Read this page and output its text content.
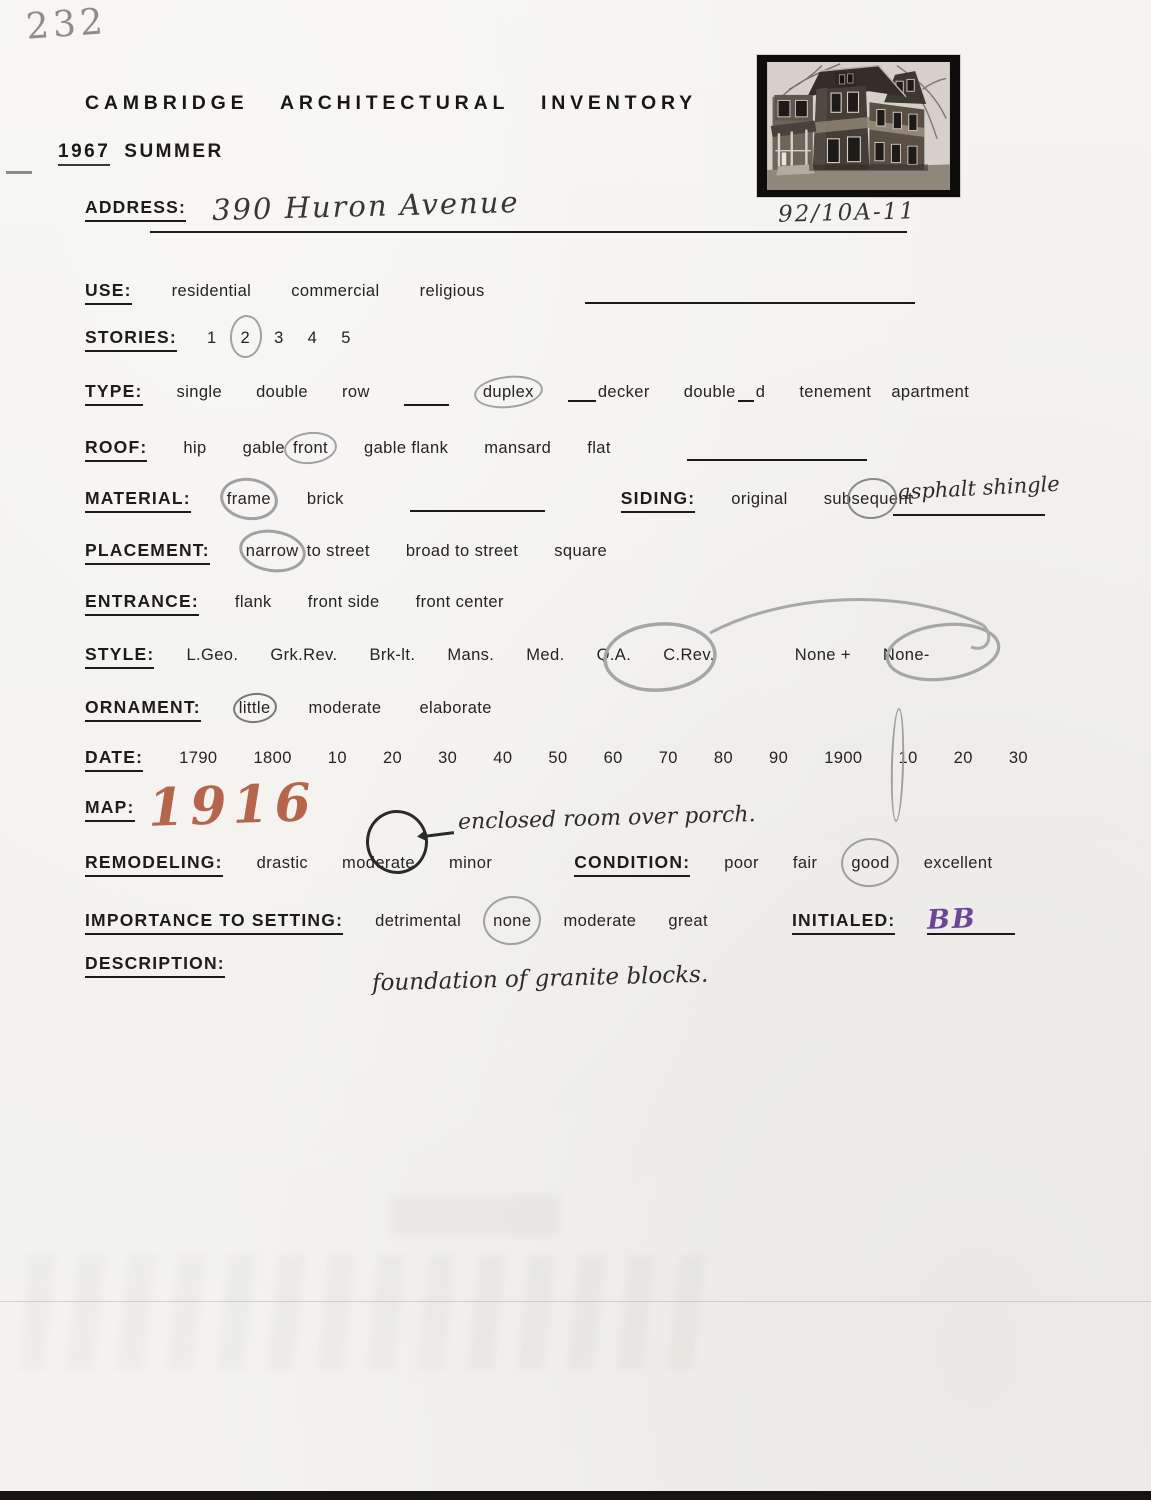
232
CAMBRIDGE ARCHITECTURAL INVENTORY
1967 SUMMER
92/10A-11
ADDRESS: 390 Huron Avenue
USE: residential commercial religious
STORIES: 1 2 3 4 5
TYPE: single double row	duplex	decker double d tenement apartment
ROOF: hip gable front gable flank mansard flat
MATERIAL: frame brick	SIDING: original subsequent
asphalt shingle
PLACEMENT: narrow to street broad to street square
ENTRANCE: flank front side front center
STYLE: L.Geo. Grk.Rev. Brk-lt. Mans. Med. Q.A. C.Rev.	None + None-
ORNAMENT: little moderate elaborate
DATE: 1790 1800 10 20 30 40 50 60 70 80 90 1900 10 20 30
MAP: 1916	enclosed room over porch.
REMODELING: drastic moderate minor	CONDITION: poor fair good excellent
IMPORTANCE TO SETTING: detrimental none moderate great	INITIALED: BB
DESCRIPTION:	foundation of granite blocks.
